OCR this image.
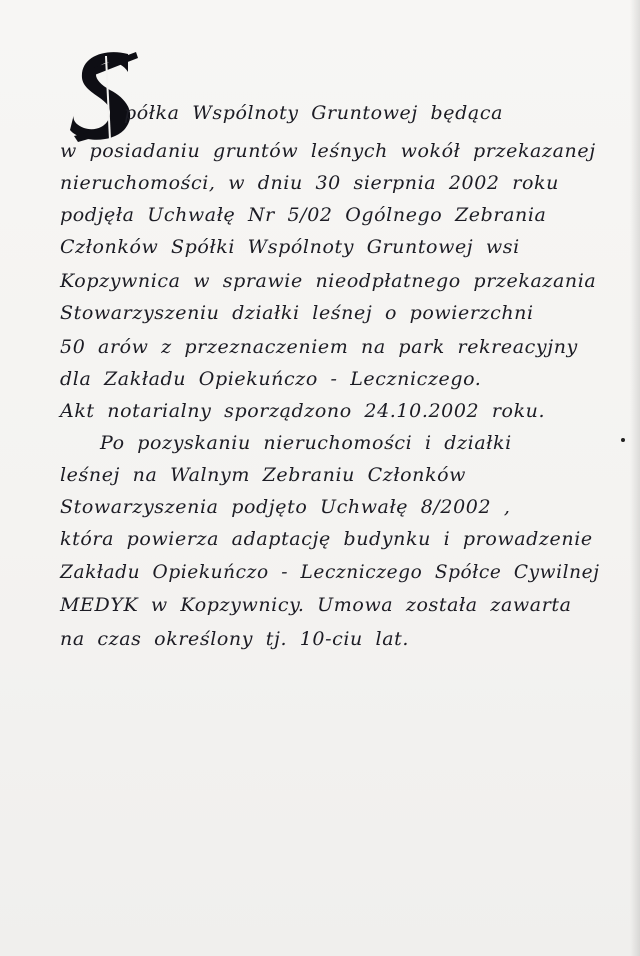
półka Wspólnoty Gruntowej będąca
w posiadaniu gruntów leśnych wokół przekazanej
nieruchomości, w dniu 30 sierpnia 2002 roku
podjęła Uchwałę Nr 5/02 Ogólnego Zebrania
Członków Spółki Wspólnoty Gruntowej wsi
Kopzywnica w sprawie nieodpłatnego przekazania
Stowarzyszeniu działki leśnej o powierzchni
50 arów z przeznaczeniem na park rekreacyjny
dla Zakładu Opiekuńczo - Leczniczego.
Akt notarialny sporządzono 24.10.2002 roku.
Po pozyskaniu nieruchomości i działki
leśnej na Walnym Zebraniu Członków
Stowarzyszenia podjęto Uchwałę 8/2002 ,
która powierza adaptację budynku i prowadzenie
Zakładu Opiekuńczo - Leczniczego Spółce Cywilnej
MEDYK w Kopzywnicy. Umowa została zawarta
na czas określony tj. 10-ciu lat.
